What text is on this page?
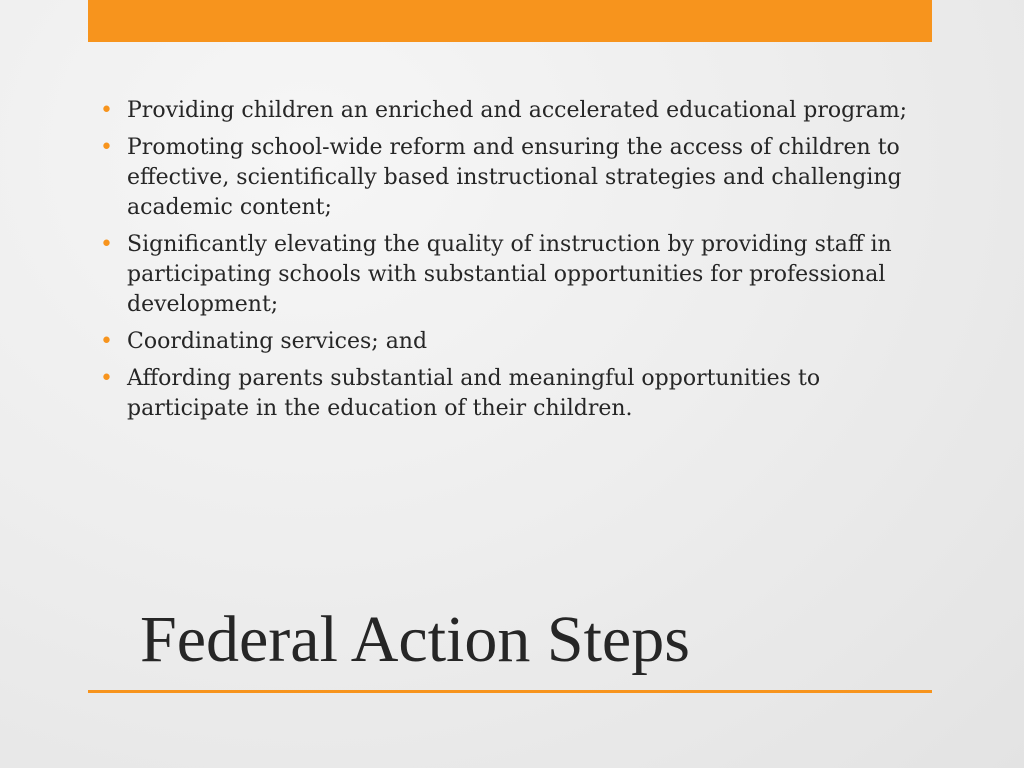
• Providing children an enriched and accelerated educational program;
• Promoting school-wide reform and ensuring the access of children to effective, scientifically based instructional strategies and challenging academic content;
• Significantly elevating the quality of instruction by providing staff in participating schools with substantial opportunities for professional development;
• Coordinating services; and
• Affording parents substantial and meaningful opportunities to participate in the education of their children.
Federal Action Steps
